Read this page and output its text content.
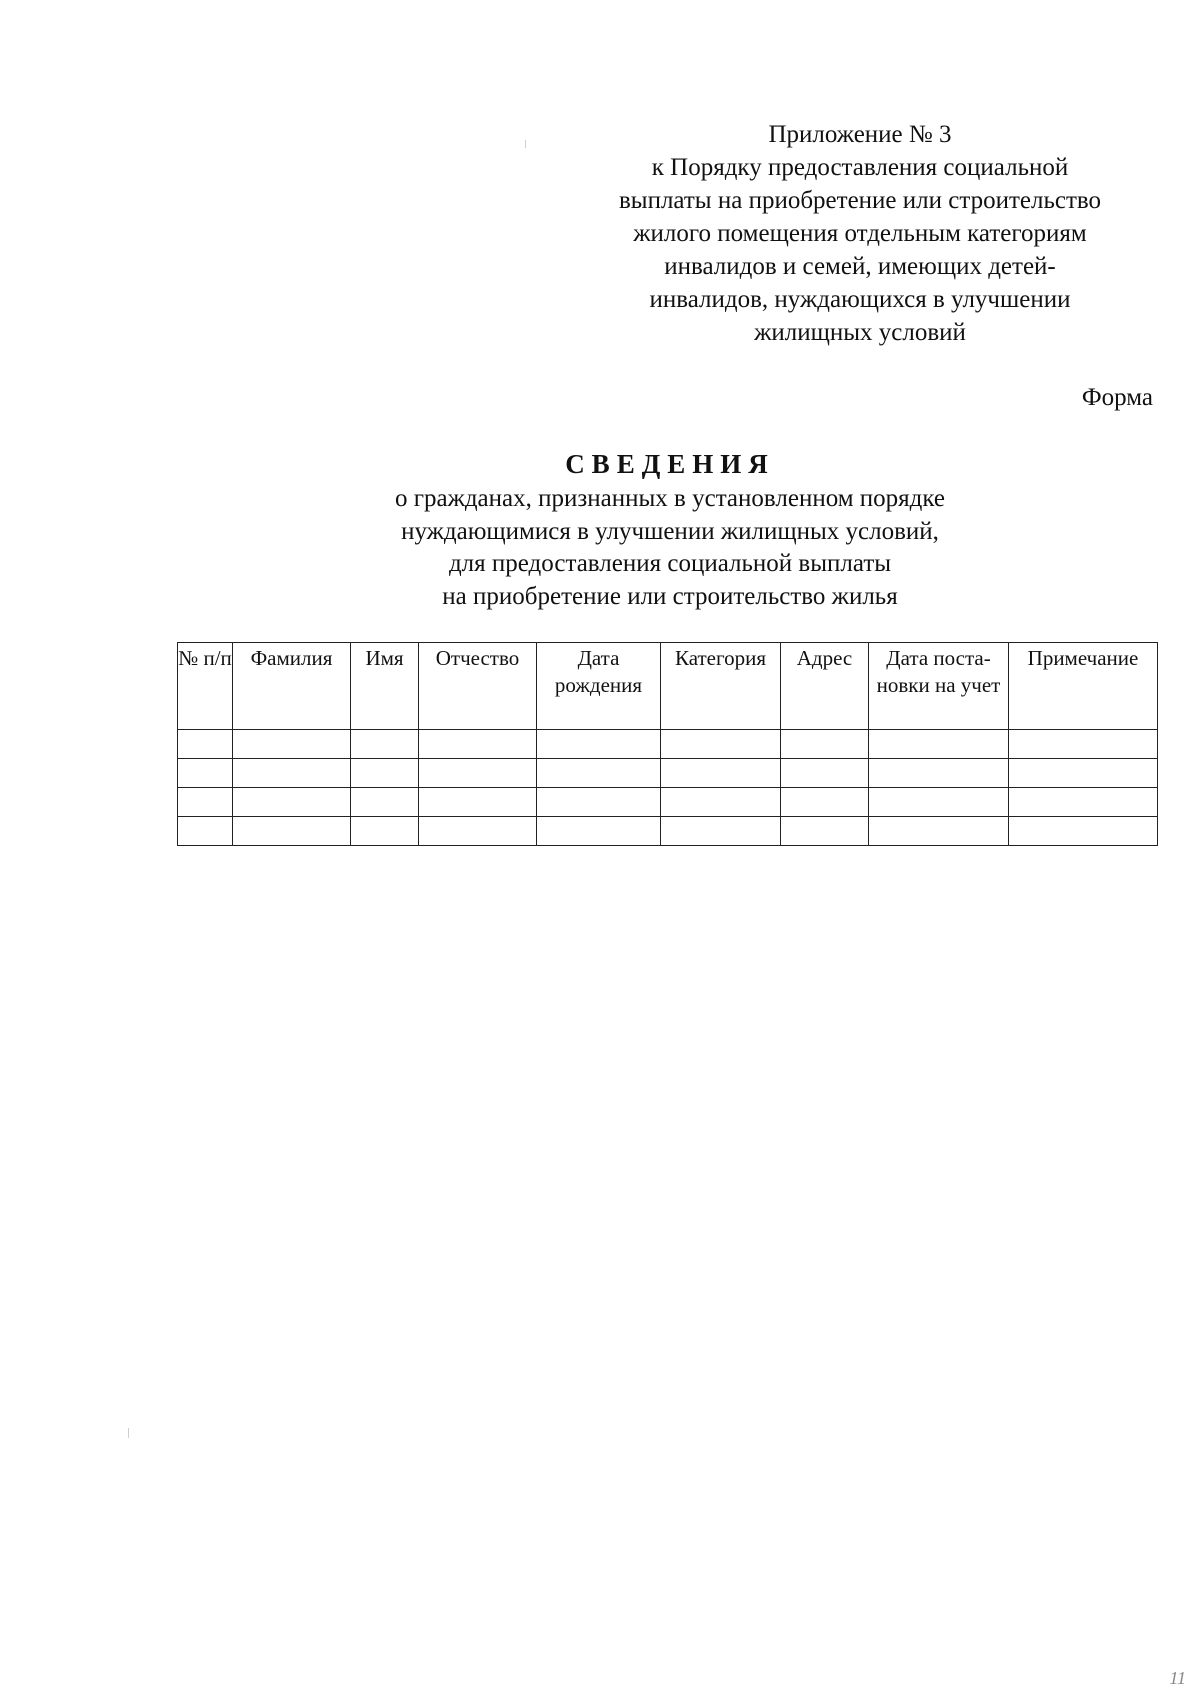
Приложение № 3
к Порядку предоставления социальной
выплаты на приобретение или строительство
жилого помещения отдельным категориям
инвалидов и семей, имеющих детей-
инвалидов, нуждающихся в улучшении
жилищных условий
Форма
СВЕДЕНИЯ
о гражданах, признанных в установленном порядке
нуждающимися в улучшении жилищных условий,
для предоставления социальной выплаты
на приобретение или строительство жилья
№ п/п	Фамилия	Имя	Отчество	Дата рождения	Категория	Адрес	Дата поста-новки на учет	Примечание

11
